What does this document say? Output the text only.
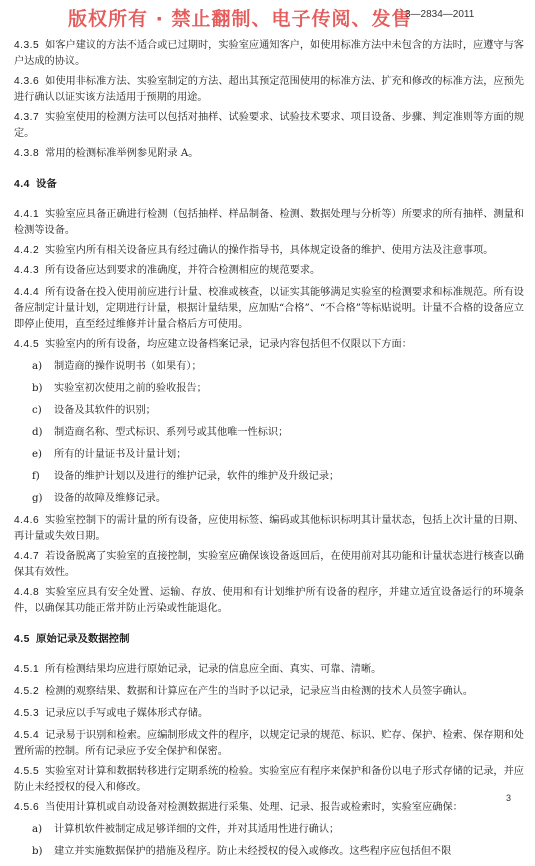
版权所有 · 禁止翻制、电子传阅、发售
3—2834—2011

4.3.5 如客户建议的方法不适合或已过期时，实验室应通知客户，如使用标准方法中未包含的方法时，应遵守与客户达成的协议。

4.3.6 如使用非标准方法、实验室制定的方法、超出其预定范围使用的标准方法、扩充和修改的标准方法，应预先进行确认以证实该方法适用于预期的用途。

4.3.7 实验室使用的检测方法可以包括对抽样、试验要求、试验技术要求、项目设备、步骤、判定准则等方面的规定。

4.3.8 常用的检测标准举例参见附录 A。

4.4 设备

4.4.1 实验室应具备正确进行检测（包括抽样、样品制备、检测、数据处理与分析等）所要求的所有抽样、测量和检测等设备。

4.4.2 实验室内所有相关设备应具有经过确认的操作指导书，具体规定设备的维护、使用方法及注意事项。

4.4.3 所有设备应达到要求的准确度，并符合检测相应的规范要求。

4.4.4 所有设备在投入使用前应进行计量、校准或核查，以证实其能够满足实验室的检测要求和标准规范。所有设备应制定计量计划，定期进行计量，根据计量结果，应加贴“合格”、“不合格”等标贴说明。计量不合格的设备应立即停止使用，直至经过维修并计量合格后方可使用。

4.4.5 实验室内的所有设备，均应建立设备档案记录，记录内容包括但不仅限以下方面：

a) 制造商的操作说明书（如果有）；

b) 实验室初次使用之前的验收报告；

c) 设备及其软件的识别；

d) 制造商名称、型式标识、系列号或其他唯一性标识；

e) 所有的计量证书及计量计划；

f) 设备的维护计划以及进行的维护记录，软件的维护及升级记录；

g) 设备的故障及维修记录。

4.4.6 实验室控制下的需计量的所有设备，应使用标签、编码或其他标识标明其计量状态，包括上次计量的日期、再计量或失效日期。

4.4.7 若设备脱离了实验室的直接控制，实验室应确保该设备返回后，在使用前对其功能和计量状态进行核查以确保其有效性。

4.4.8 实验室应具有安全处置、运输、存放、使用和有计划维护所有设备的程序，并建立适宜设备运行的环境条件，以确保其功能正常并防止污染或性能退化。

4.5 原始记录及数据控制

4.5.1 所有检测结果均应进行原始记录，记录的信息应全面、真实、可靠、清晰。

4.5.2 检测的观察结果、数据和计算应在产生的当时予以记录，记录应当由检测的技术人员签字确认。

4.5.3 记录应以手写或电子媒体形式存储。

4.5.4 记录易于识别和检索。应编制形成文件的程序，以规定记录的规范、标识、贮存、保护、检索、保存期和处置所需的控制。所有记录应予安全保护和保密。

4.5.5 实验室对计算和数据转移进行定期系统的检验。实验室应有程序来保护和备份以电子形式存储的记录，并应防止未经授权的侵入和修改。

4.5.6 当使用计算机或自动设备对检测数据进行采集、处理、记录、报告或检索时，实验室应确保：

a) 计算机软件被制定成足够详细的文件，并对其适用性进行确认；

b) 建立并实施数据保护的措施及程序。防止未经授权的侵入或修改。这些程序应包括但不限

3
